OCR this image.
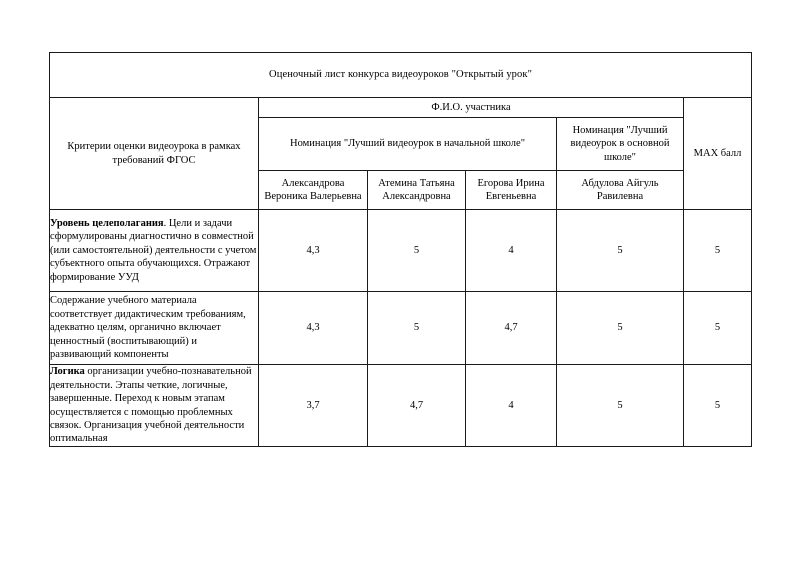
Оценочный лист конкурса видеоуроков "Открытый урок"					
Критерии оценки видеоурока в рамках требований ФГОС	Ф.И.О. участника				MAX балл
	Номинация "Лучший видеоурок в начальной школе"			Номинация "Лучший видеоурок в основной школе"	
	Александрова Вероника Валерьевна	Атемина Татьяна Александровна	Егорова Ирина Евгеньевна	Абдулова Айгуль Равилевна	
Уровень целеполагания. Цели и задачи сформулированы диагностично в совместной (или самостоятельной) деятельности с учетом субъектного опыта обучающихся. Отражают формирование УУД	4,3	5	4	5	5
Содержание учебного материала соответствует дидактическим требованиям, адекватно целям, органично включает ценностный (воспитывающий) и развивающий компоненты	4,3	5	4,7	5	5
Логика организации учебно-познавательной деятельности. Этапы четкие, логичные, завершенные. Переход к новым этапам осуществляется с помощью проблемных связок. Организация учебной деятельности оптимальная	3,7	4,7	4	5	5
